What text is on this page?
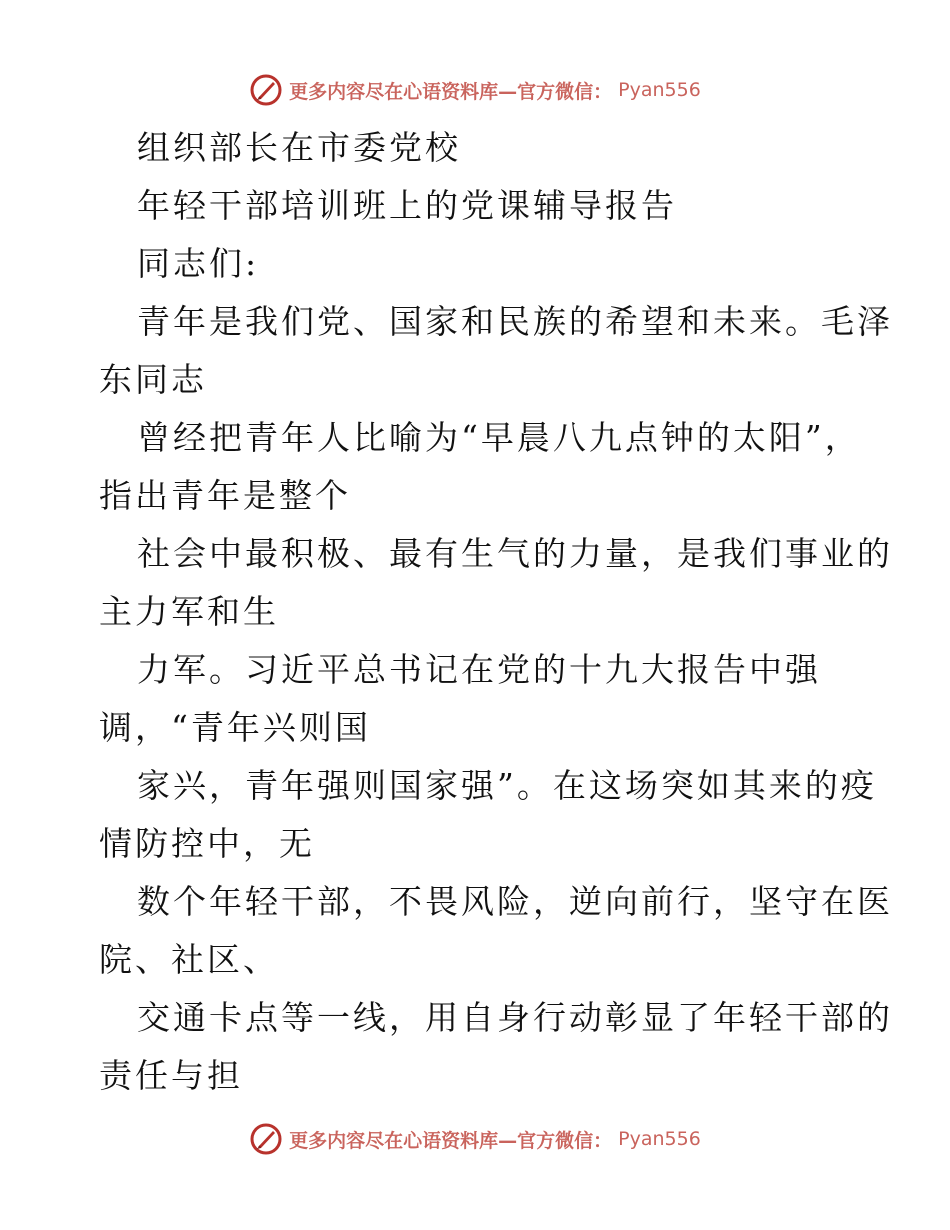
更多内容尽在心语资料库—官方微信： Pyan556
组织部长在市委党校
年轻干部培训班上的党课辅导报告
同志们:
青年是我们党、国家和民族的希望和未来。毛泽
东同志
曾经把青年人比喻为“早晨八九点钟的太阳”，
指出青年是整个
社会中最积极、最有生气的力量，是我们事业的
主力军和生
力军。习近平总书记在党的十九大报告中强
调，“青年兴则国
家兴，青年强则国家强”。在这场突如其来的疫
情防控中，无
数个年轻干部，不畏风险，逆向前行，坚守在医
院、社区、
交通卡点等一线，用自身行动彰显了年轻干部的
责任与担
更多内容尽在心语资料库—官方微信： Pyan556
